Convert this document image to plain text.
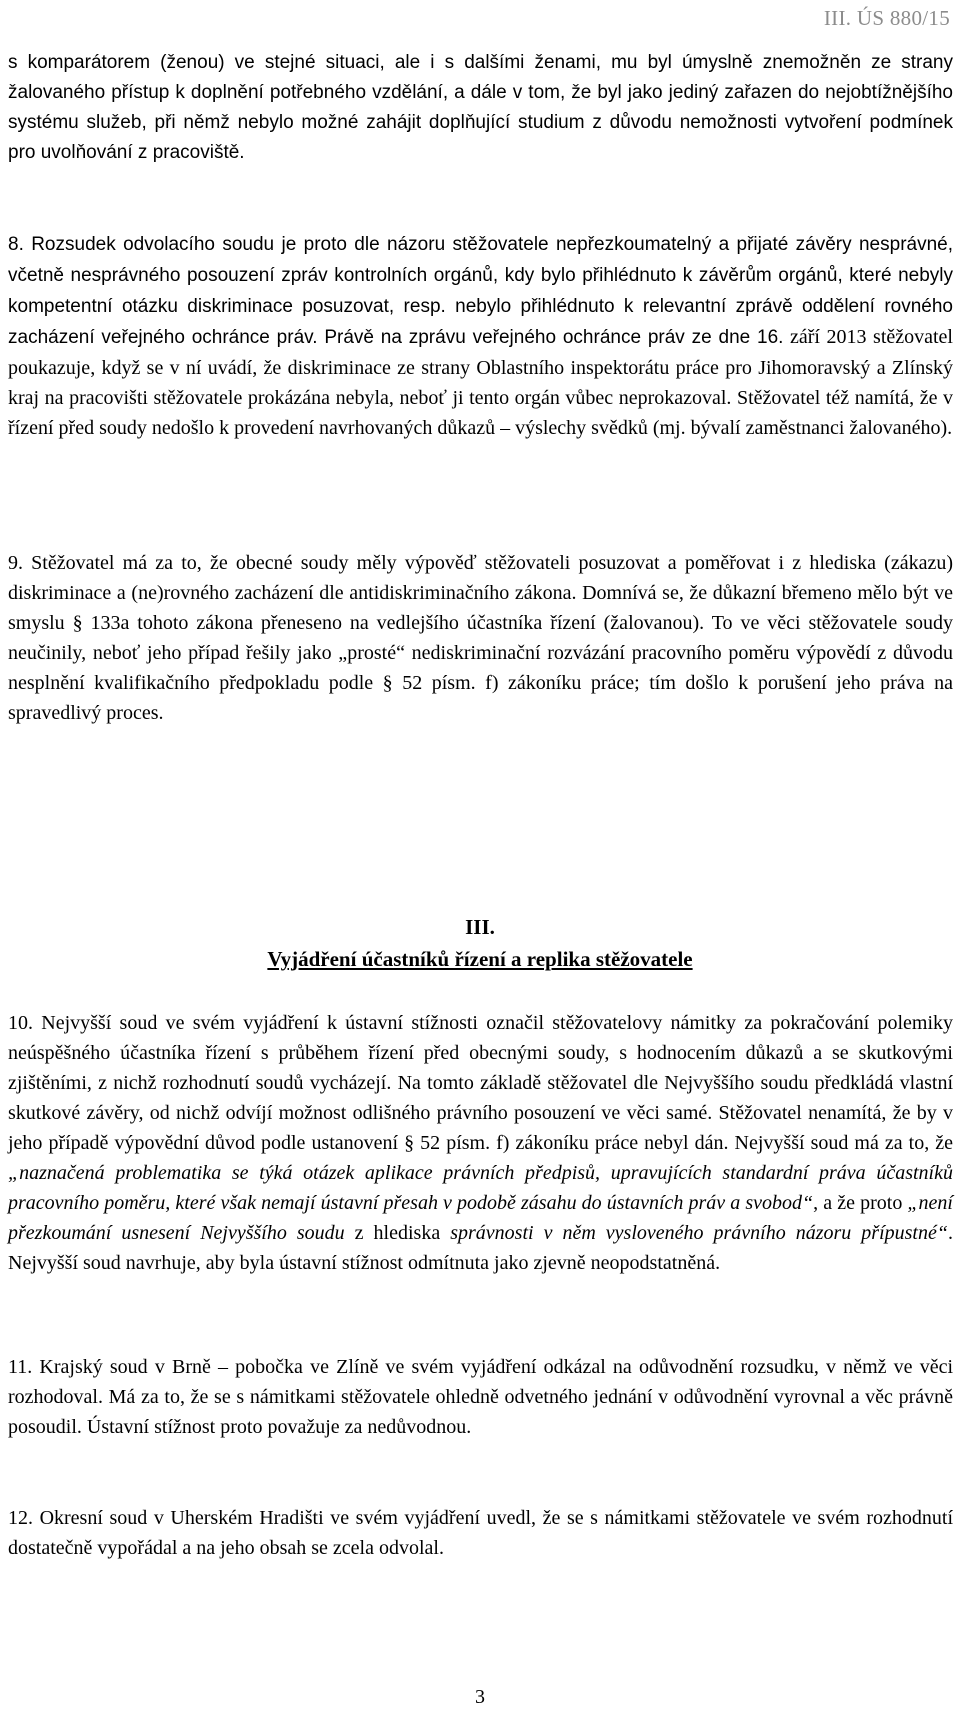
III. ÚS 880/15

s komparátorem (ženou) ve stejné situaci, ale i s dalšími ženami, mu byl úmyslně znemožněn ze strany žalovaného přístup k doplnění potřebného vzdělání, a dále v tom, že byl jako jediný zařazen do nejobtížnějšího systému služeb, při němž nebylo možné zahájit doplňující studium z důvodu nemožnosti vytvoření podmínek pro uvolňování z pracoviště.

8. Rozsudek odvolacího soudu je proto dle názoru stěžovatele nepřezkoumatelný a přijaté závěry nesprávné, včetně nesprávného posouzení zpráv kontrolních orgánů, kdy bylo přihlédnuto k závěrům orgánů, které nebyly kompetentní otázku diskriminace posuzovat, resp. nebylo přihlédnuto k relevantní zprávě oddělení rovného zacházení veřejného ochránce práv. Právě na zprávu veřejného ochránce práv ze dne 16. září 2013 stěžovatel poukazuje, když se v ní uvádí, že diskriminace ze strany Oblastního inspektorátu práce pro Jihomoravský a Zlínský kraj na pracovišti stěžovatele prokázána nebyla, neboť ji tento orgán vůbec neprokazoval. Stěžovatel též namítá, že v řízení před soudy nedošlo k provedení navrhovaných důkazů – výslechy svědků (mj. bývalí zaměstnanci žalovaného).

9. Stěžovatel má za to, že obecné soudy měly výpověď stěžovateli posuzovat a poměřovat i z hlediska (zákazu) diskriminace a (ne)rovného zacházení dle antidiskriminačního zákona. Domnívá se, že důkazní břemeno mělo být ve smyslu § 133a tohoto zákona přeneseno na vedlejšího účastníka řízení (žalovanou). To ve věci stěžovatele soudy neučinily, neboť jeho případ řešily jako „prosté“ nediskriminační rozvázání pracovního poměru výpovědí z důvodu nesplnění kvalifikačního předpokladu podle § 52 písm. f) zákoníku práce; tím došlo k porušení jeho práva na spravedlivý proces.

III.
Vyjádření účastníků řízení a replika stěžovatele

10. Nejvyšší soud ve svém vyjádření k ústavní stížnosti označil stěžovatelovy námitky za pokračování polemiky neúspěšného účastníka řízení s průběhem řízení před obecnými soudy, s hodnocením důkazů a se skutkovými zjištěními, z nichž rozhodnutí soudů vycházejí. Na tomto základě stěžovatel dle Nejvyššího soudu předkládá vlastní skutkové závěry, od nichž odvíjí možnost odlišného právního posouzení ve věci samé. Stěžovatel nenamítá, že by v jeho případě výpovědní důvod podle ustanovení § 52 písm. f) zákoníku práce nebyl dán. Nejvyšší soud má za to, že „naznačená problematika se týká otázek aplikace právních předpisů, upravujících standardní práva účastníků pracovního poměru, které však nemají ústavní přesah v podobě zásahu do ústavních práv a svobod“, a že proto „není přezkoumání usnesení Nejvyššího soudu z hlediska správnosti v něm vysloveného právního názoru přípustné“. Nejvyšší soud navrhuje, aby byla ústavní stížnost odmítnuta jako zjevně neopodstatněná.

11. Krajský soud v Brně – pobočka ve Zlíně ve svém vyjádření odkázal na odůvodnění rozsudku, v němž ve věci rozhodoval. Má za to, že se s námitkami stěžovatele ohledně odvetného jednání v odůvodnění vyrovnal a věc právně posoudil. Ústavní stížnost proto považuje za nedůvodnou.

12. Okresní soud v Uherském Hradišti ve svém vyjádření uvedl, že se s námitkami stěžovatele ve svém rozhodnutí dostatečně vypořádal a na jeho obsah se zcela odvolal.

3
